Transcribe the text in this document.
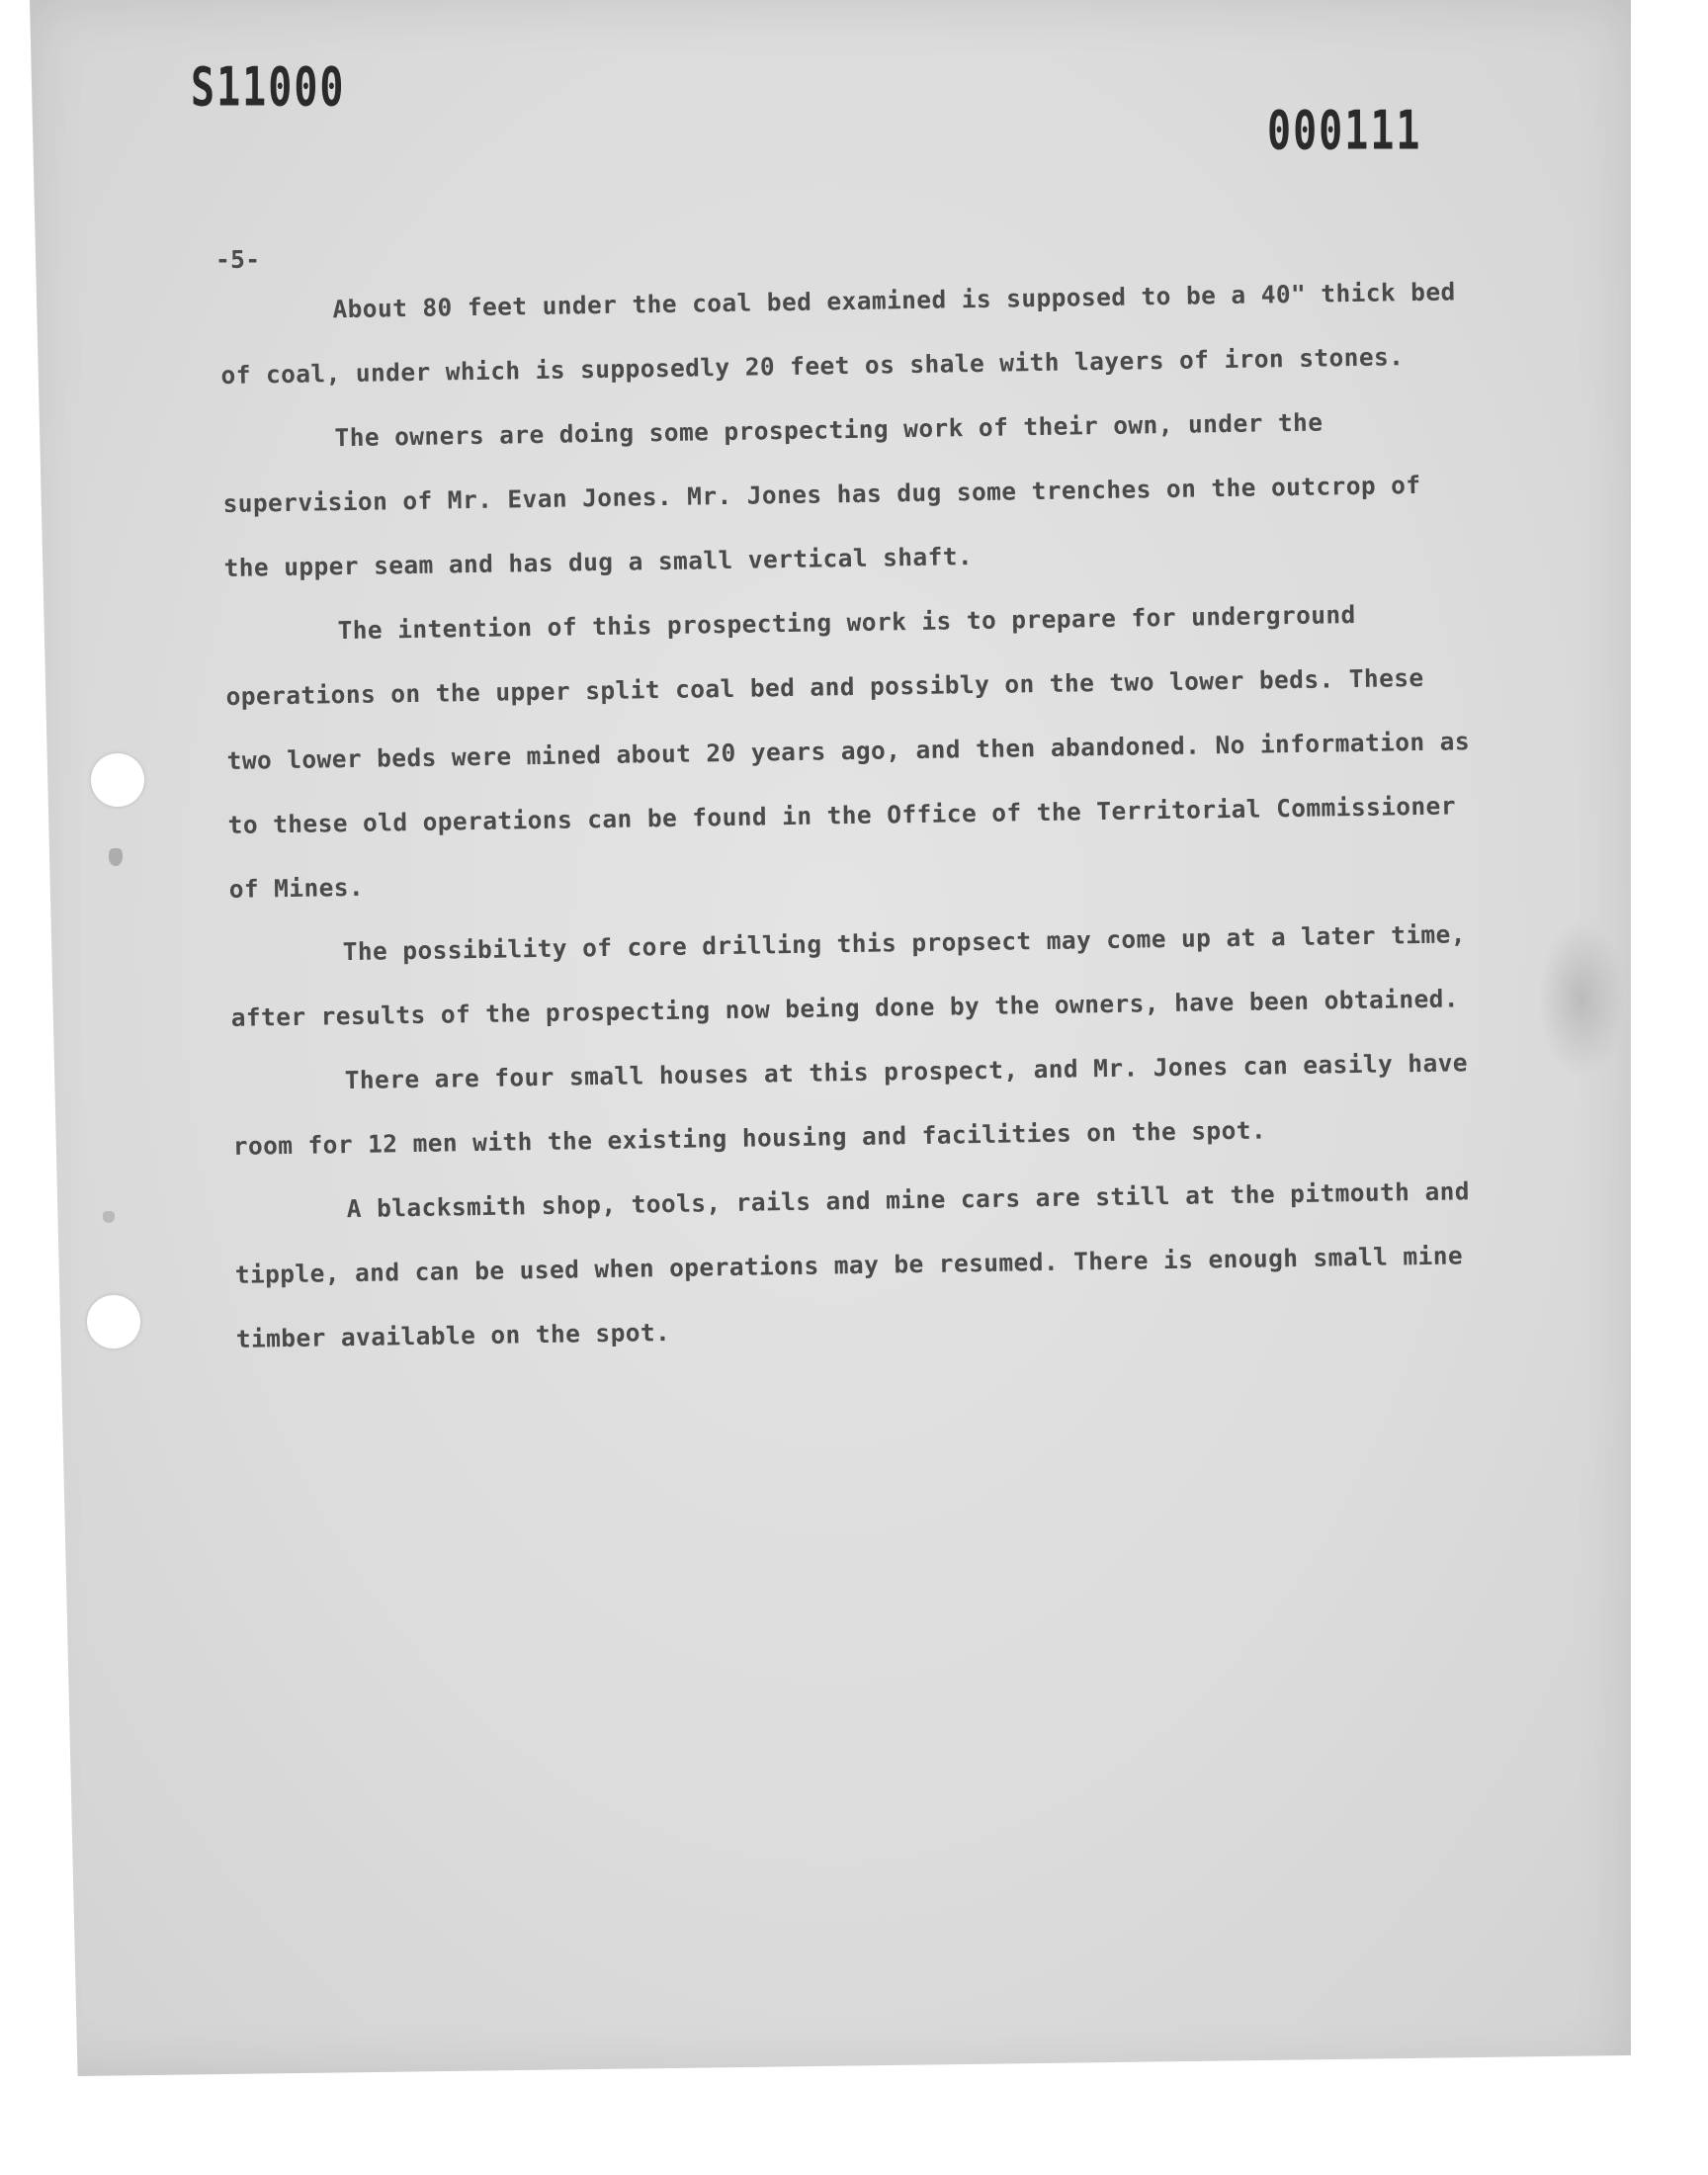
S11000
000111
-5-

About 80 feet under the coal bed examined is supposed to be a 40" thick bed of coal, under which is supposedly 20 feet os shale with layers of iron stones.

The owners are doing some prospecting work of their own, under the supervision of Mr. Evan Jones. Mr. Jones has dug some trenches on the outcrop of the upper seam and has dug a small vertical shaft.

The intention of this prospecting work is to prepare for underground operations on the upper split coal bed and possibly on the two lower beds. These two lower beds were mined about 20 years ago, and then abandoned. No information as to these old operations can be found in the Office of the Territorial Commissioner of Mines.

The possibility of core drilling this propsect may come up at a later time, after results of the prospecting now being done by the owners, have been obtained.

There are four small houses at this prospect, and Mr. Jones can easily have room for 12 men with the existing housing and facilities on the spot.

A blacksmith shop, tools, rails and mine cars are still at the pitmouth and tipple, and can be used when operations may be resumed. There is enough small mine timber available on the spot.
